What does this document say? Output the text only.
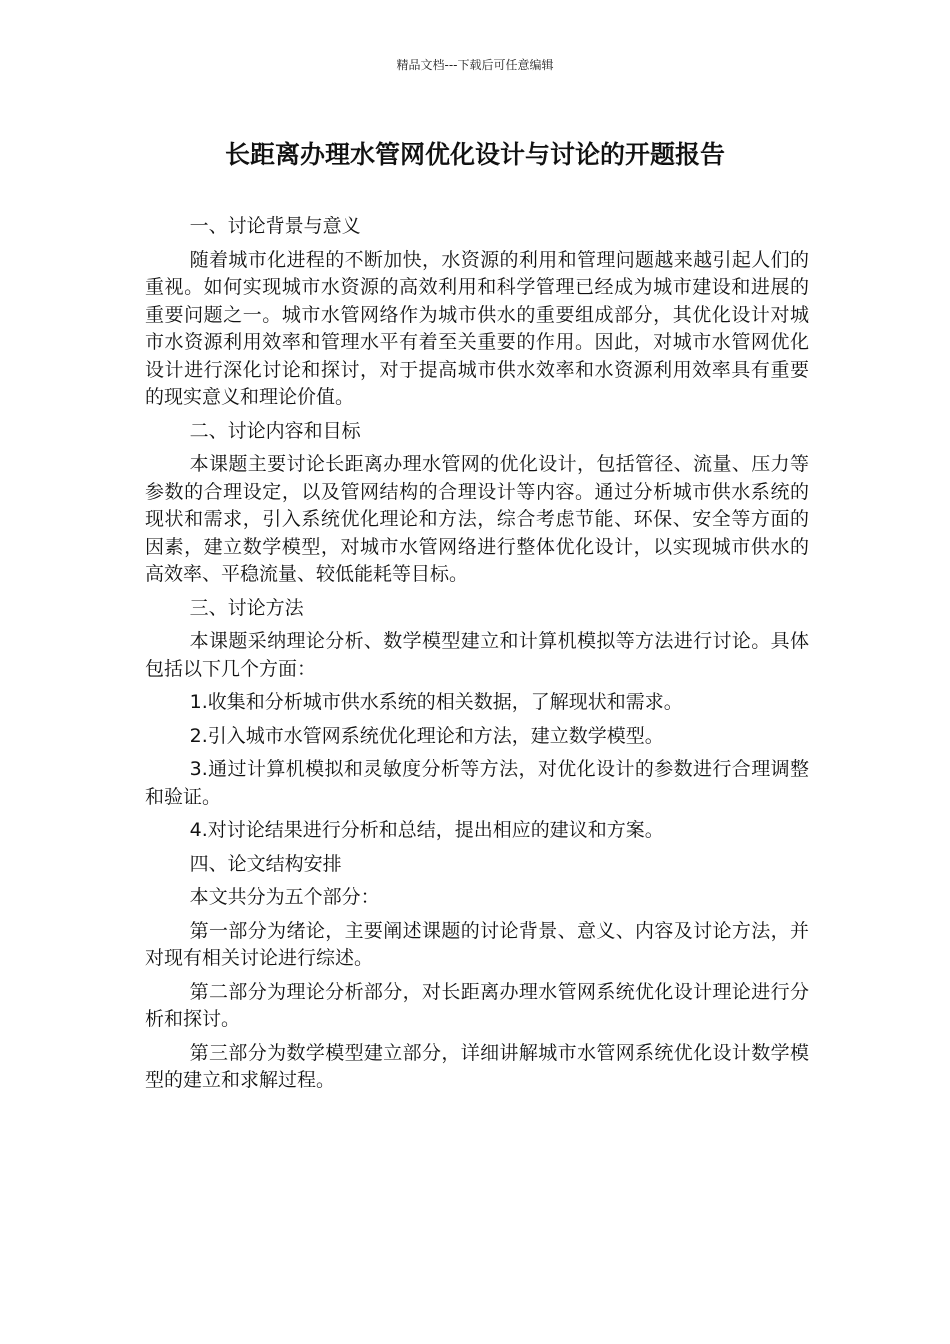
精品文档---下载后可任意编辑
长距离办理水管网优化设计与讨论的开题报告

一、讨论背景与意义

随着城市化进程的不断加快，水资源的利用和管理问题越来越引起人们的重视。如何实现城市水资源的高效利用和科学管理已经成为城市建设和进展的重要问题之一。城市水管网络作为城市供水的重要组成部分，其优化设计对城市水资源利用效率和管理水平有着至关重要的作用。因此，对城市水管网优化设计进行深化讨论和探讨，对于提高城市供水效率和水资源利用效率具有重要的现实意义和理论价值。

二、讨论内容和目标

本课题主要讨论长距离办理水管网的优化设计，包括管径、流量、压力等参数的合理设定，以及管网结构的合理设计等内容。通过分析城市供水系统的现状和需求，引入系统优化理论和方法，综合考虑节能、环保、安全等方面的因素，建立数学模型，对城市水管网络进行整体优化设计，以实现城市供水的高效率、平稳流量、较低能耗等目标。

三、讨论方法

本课题采纳理论分析、数学模型建立和计算机模拟等方法进行讨论。具体包括以下几个方面：

1.收集和分析城市供水系统的相关数据，了解现状和需求。

2.引入城市水管网系统优化理论和方法，建立数学模型。

3.通过计算机模拟和灵敏度分析等方法，对优化设计的参数进行合理调整和验证。

4.对讨论结果进行分析和总结，提出相应的建议和方案。

四、论文结构安排

本文共分为五个部分：

第一部分为绪论，主要阐述课题的讨论背景、意义、内容及讨论方法，并对现有相关讨论进行综述。

第二部分为理论分析部分，对长距离办理水管网系统优化设计理论进行分析和探讨。

第三部分为数学模型建立部分，详细讲解城市水管网系统优化设计数学模型的建立和求解过程。
